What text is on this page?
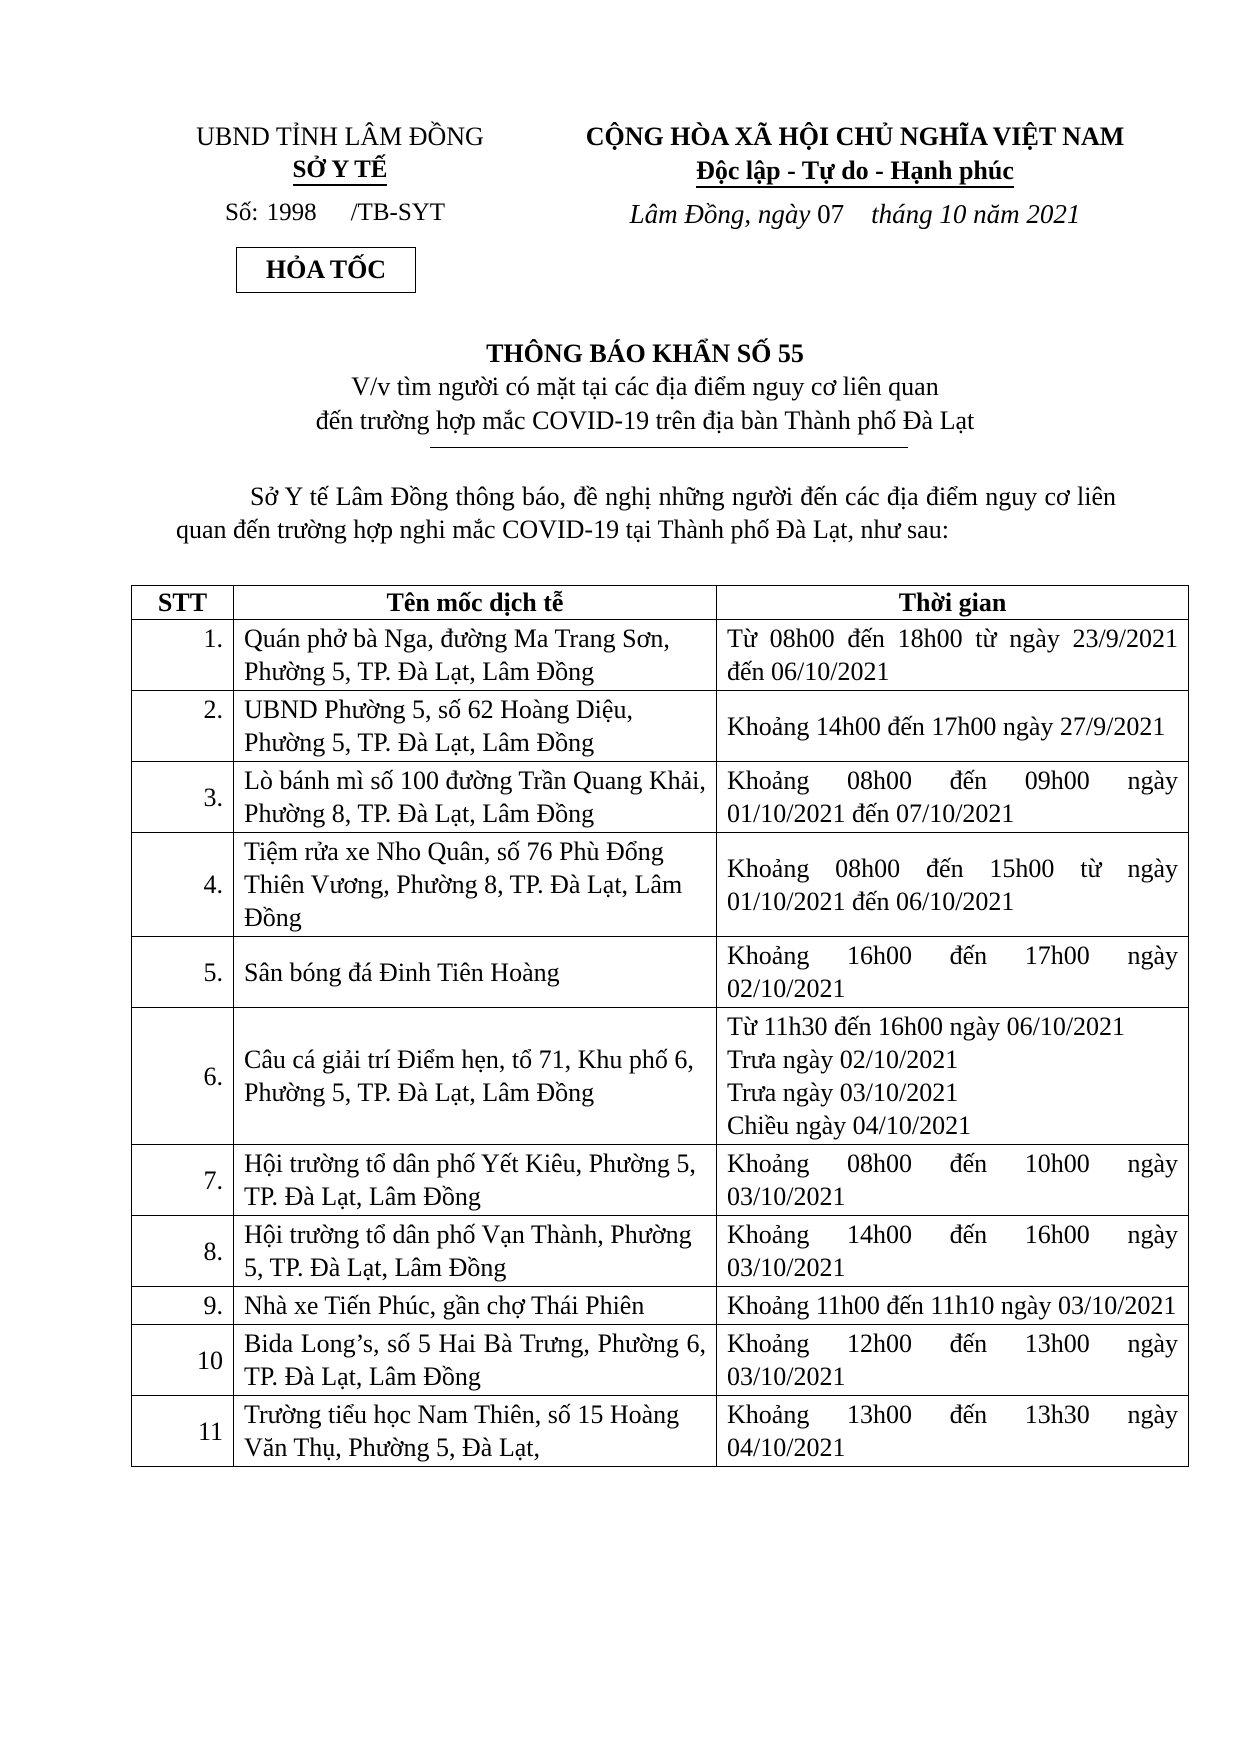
UBND TỈNH LÂM ĐỒNG
SỞ Y TẾ
Số: 1998 /TB-SYT
CỘNG HÒA XÃ HỘI CHỦ NGHĨA VIỆT NAM
Độc lập - Tự do - Hạnh phúc
Lâm Đồng, ngày 07 tháng 10 năm 2021
HỎA TỐC
THÔNG BÁO KHẨN SỐ 55
V/v tìm người có mặt tại các địa điểm nguy cơ liên quan
đến trường hợp mắc COVID-19 trên địa bàn Thành phố Đà Lạt
Sở Y tế Lâm Đồng thông báo, đề nghị những người đến các địa điểm nguy cơ liên quan đến trường hợp nghi mắc COVID-19 tại Thành phố Đà Lạt, như sau:
STT	Tên mốc dịch tễ	Thời gian
1.	Quán phở bà Nga, đường Ma Trang Sơn, Phường 5, TP. Đà Lạt, Lâm Đồng	Từ 08h00 đến 18h00 từ ngày 23/9/2021 đến 06/10/2021

2.	UBND Phường 5, số 62 Hoàng Diệu, Phường 5, TP. Đà Lạt, Lâm Đồng	Khoảng 14h00 đến 17h00 ngày 27/9/2021

3.	Lò bánh mì số 100 đường Trần Quang Khải, Phường 8, TP. Đà Lạt, Lâm Đồng	Khoảng 08h00 đến 09h00 ngày 01/10/2021 đến 07/10/2021

4.	Tiệm rửa xe Nho Quân, số 76 Phù Đổng Thiên Vương, Phường 8, TP. Đà Lạt, Lâm Đồng	Khoảng 08h00 đến 15h00 từ ngày 01/10/2021 đến 06/10/2021

5.	Sân bóng đá Đinh Tiên Hoàng	Khoảng 16h00 đến 17h00 ngày 02/10/2021

6.	Câu cá giải trí Điểm hẹn, tổ 71, Khu phố 6, Phường 5, TP. Đà Lạt, Lâm Đồng	Từ 11h30 đến 16h00 ngày 06/10/2021
Trưa ngày 02/10/2021
Trưa ngày 03/10/2021
Chiều ngày 04/10/2021

7.	Hội trường tổ dân phố Yết Kiêu, Phường 5, TP. Đà Lạt, Lâm Đồng	Khoảng 08h00 đến 10h00 ngày 03/10/2021

8.	Hội trường tổ dân phố Vạn Thành, Phường 5, TP. Đà Lạt, Lâm Đồng	Khoảng 14h00 đến 16h00 ngày 03/10/2021

9.	Nhà xe Tiến Phúc, gần chợ Thái Phiên	Khoảng 11h00 đến 11h10 ngày 03/10/2021

10	Bida Long’s, số 5 Hai Bà Trưng, Phường 6, TP. Đà Lạt, Lâm Đồng	Khoảng 12h00 đến 13h00 ngày 03/10/2021

11	Trường tiểu học Nam Thiên, số 15 Hoàng Văn Thụ, Phường 5, Đà Lạt,	Khoảng 13h00 đến 13h30 ngày 04/10/2021
